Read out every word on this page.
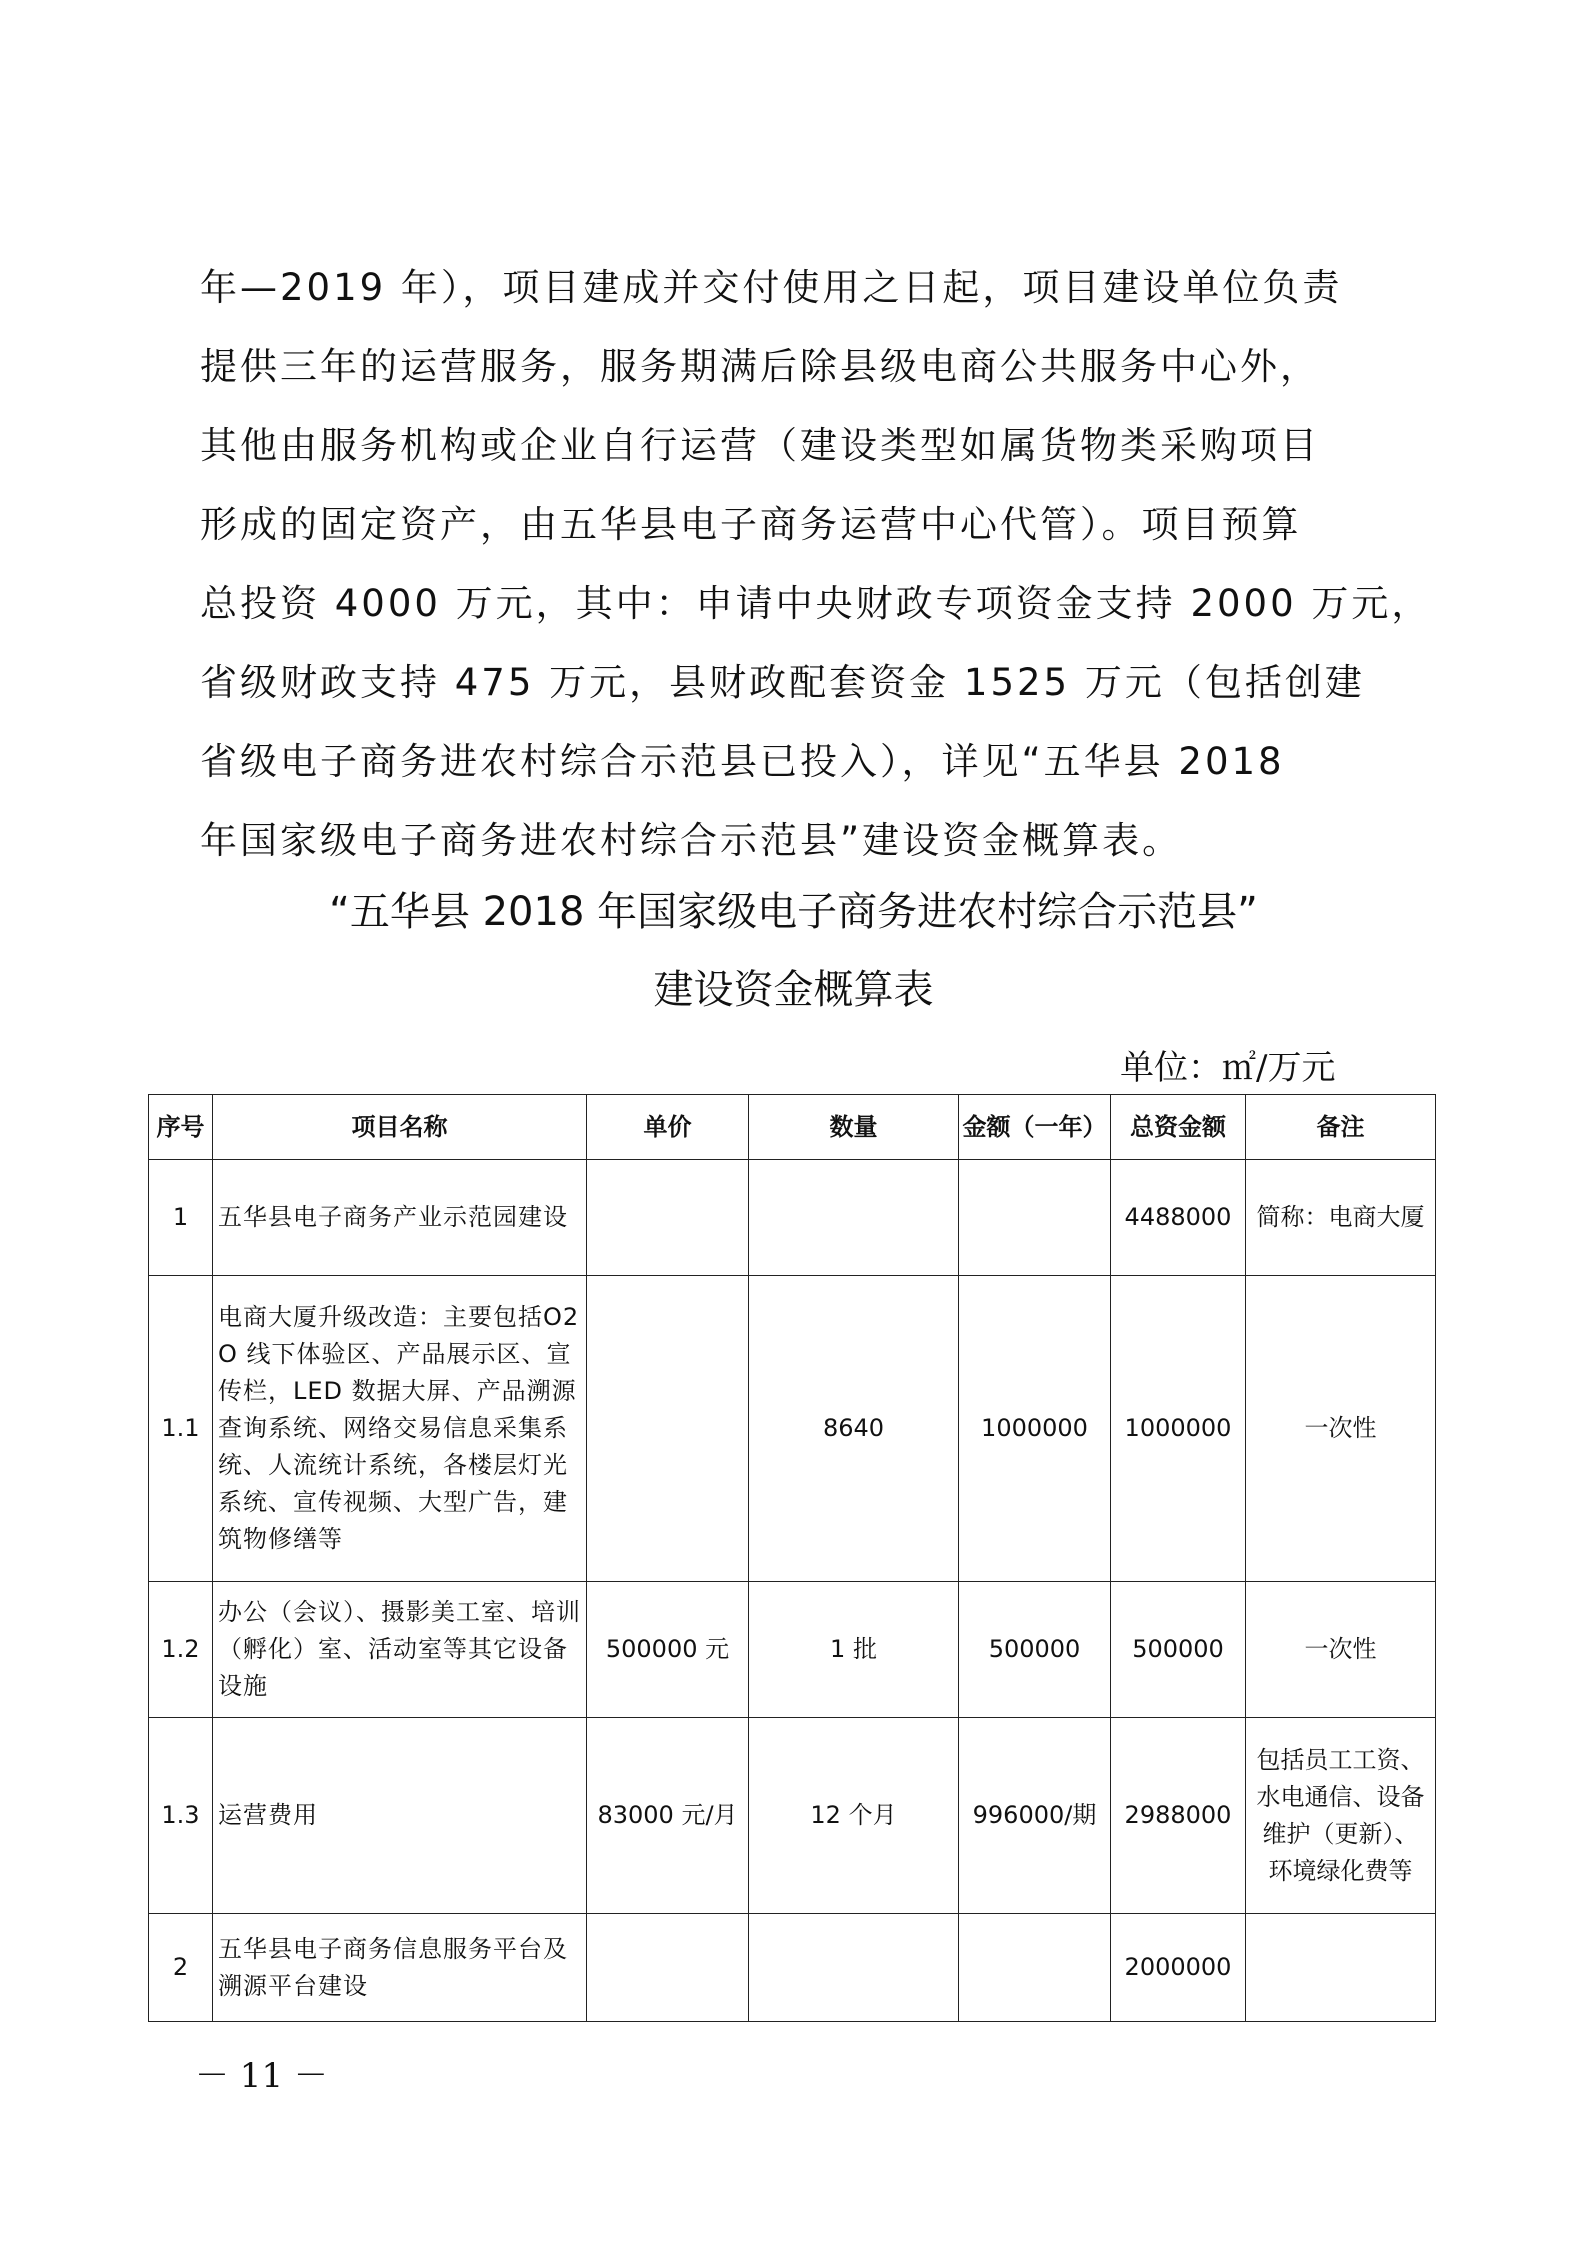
年—2019 年），项目建成并交付使用之日起，项目建设单位负责
提供三年的运营服务，服务期满后除县级电商公共服务中心外，
其他由服务机构或企业自行运营（建设类型如属货物类采购项目
形成的固定资产，由五华县电子商务运营中心代管）。项目预算
总投资 4000 万元，其中：申请中央财政专项资金支持 2000 万元，
省级财政支持 475 万元，县财政配套资金 1525 万元（包括创建
省级电子商务进农村综合示范县已投入），详见“五华县 2018
年国家级电子商务进农村综合示范县”建设资金概算表。
“五华县 2018 年国家级电子商务进农村综合示范县”
建设资金概算表
单位：㎡/万元
序号	项目名称	单价	数量	金额（一年）	总资金额	备注
1	五华县电子商务产业示范园建设				4488000	简称：电商大厦
1.1	电商大厦升级改造：主要包括O2O 线下体验区、产品展示区、宣传栏，LED 数据大屏、产品溯源查询系统、网络交易信息采集系统、人流统计系统，各楼层灯光系统、宣传视频、大型广告，建筑物修缮等		8640	1000000	1000000	一次性
1.2	办公（会议）、摄影美工室、培训（孵化）室、活动室等其它设备设施	500000 元	1 批	500000	500000	一次性
1.3	运营费用	83000 元/月	12 个月	996000/期	2988000	包括员工工资、水电通信、设备维护（更新）、环境绿化费等
2	五华县电子商务信息服务平台及溯源平台建设				2000000	
－ 11 －
